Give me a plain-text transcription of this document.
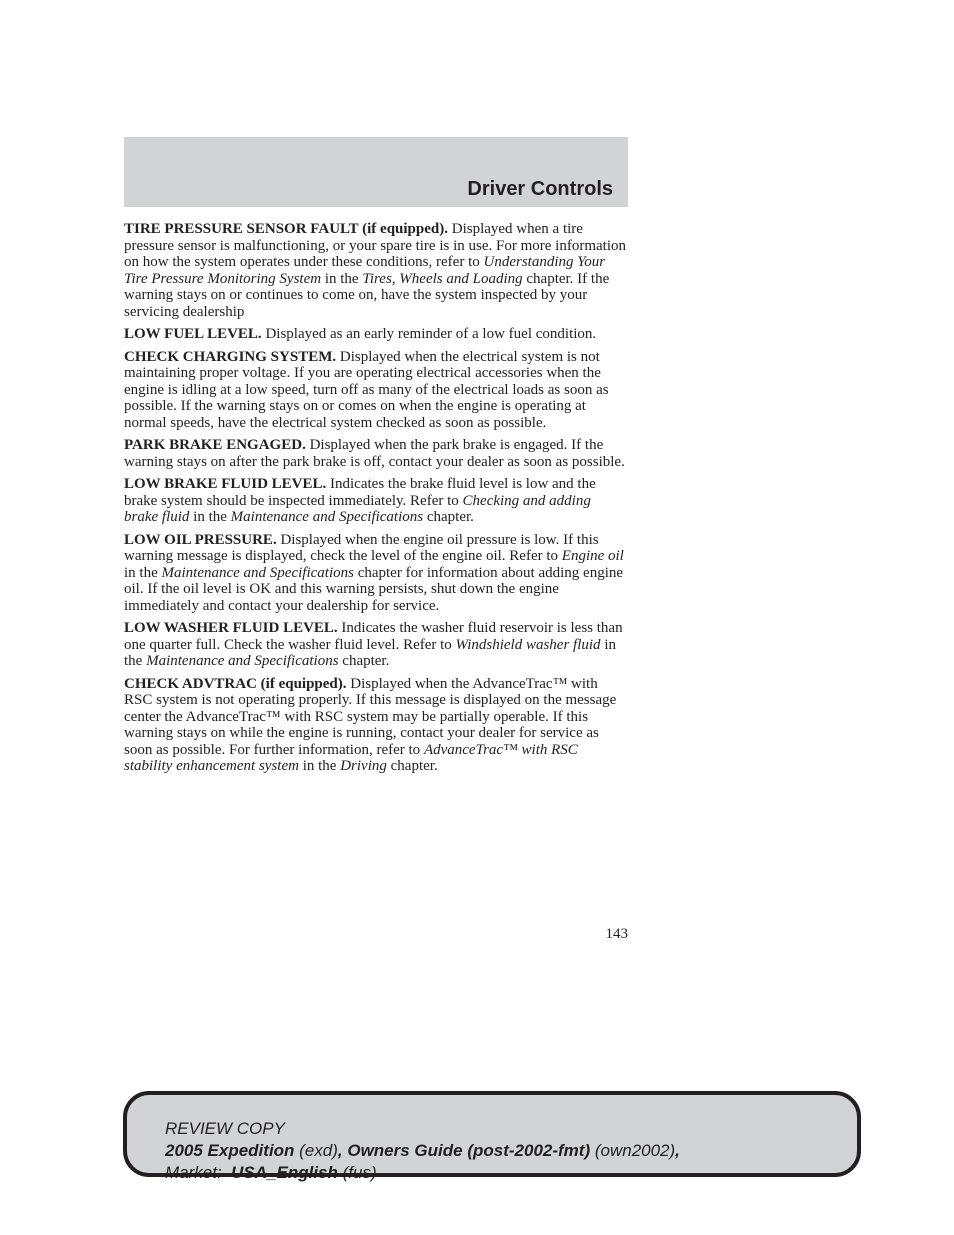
Driver Controls

TIRE PRESSURE SENSOR FAULT (if equipped). Displayed when a tire pressure sensor is malfunctioning, or your spare tire is in use. For more information on how the system operates under these conditions, refer to Understanding Your Tire Pressure Monitoring System in the Tires, Wheels and Loading chapter. If the warning stays on or continues to come on, have the system inspected by your servicing dealership

LOW FUEL LEVEL. Displayed as an early reminder of a low fuel condition.

CHECK CHARGING SYSTEM. Displayed when the electrical system is not maintaining proper voltage. If you are operating electrical accessories when the engine is idling at a low speed, turn off as many of the electrical loads as soon as possible. If the warning stays on or comes on when the engine is operating at normal speeds, have the electrical system checked as soon as possible.

PARK BRAKE ENGAGED. Displayed when the park brake is engaged. If the warning stays on after the park brake is off, contact your dealer as soon as possible.

LOW BRAKE FLUID LEVEL. Indicates the brake fluid level is low and the brake system should be inspected immediately. Refer to Checking and adding brake fluid in the Maintenance and Specifications chapter.

LOW OIL PRESSURE. Displayed when the engine oil pressure is low. If this warning message is displayed, check the level of the engine oil. Refer to Engine oil in the Maintenance and Specifications chapter for information about adding engine oil. If the oil level is OK and this warning persists, shut down the engine immediately and contact your dealership for service.

LOW WASHER FLUID LEVEL. Indicates the washer fluid reservoir is less than one quarter full. Check the washer fluid level. Refer to Windshield washer fluid in the Maintenance and Specifications chapter.

CHECK ADVTRAC (if equipped). Displayed when the AdvanceTrac™ with RSC system is not operating properly. If this message is displayed on the message center the AdvanceTrac™ with RSC system may be partially operable. If this warning stays on while the engine is running, contact your dealer for service as soon as possible. For further information, refer to AdvanceTrac™ with RSC stability enhancement system in the Driving chapter.

143
REVIEW COPY
2005 Expedition (exd), Owners Guide (post-2002-fmt) (own2002),
Market: USA_English (fus)
